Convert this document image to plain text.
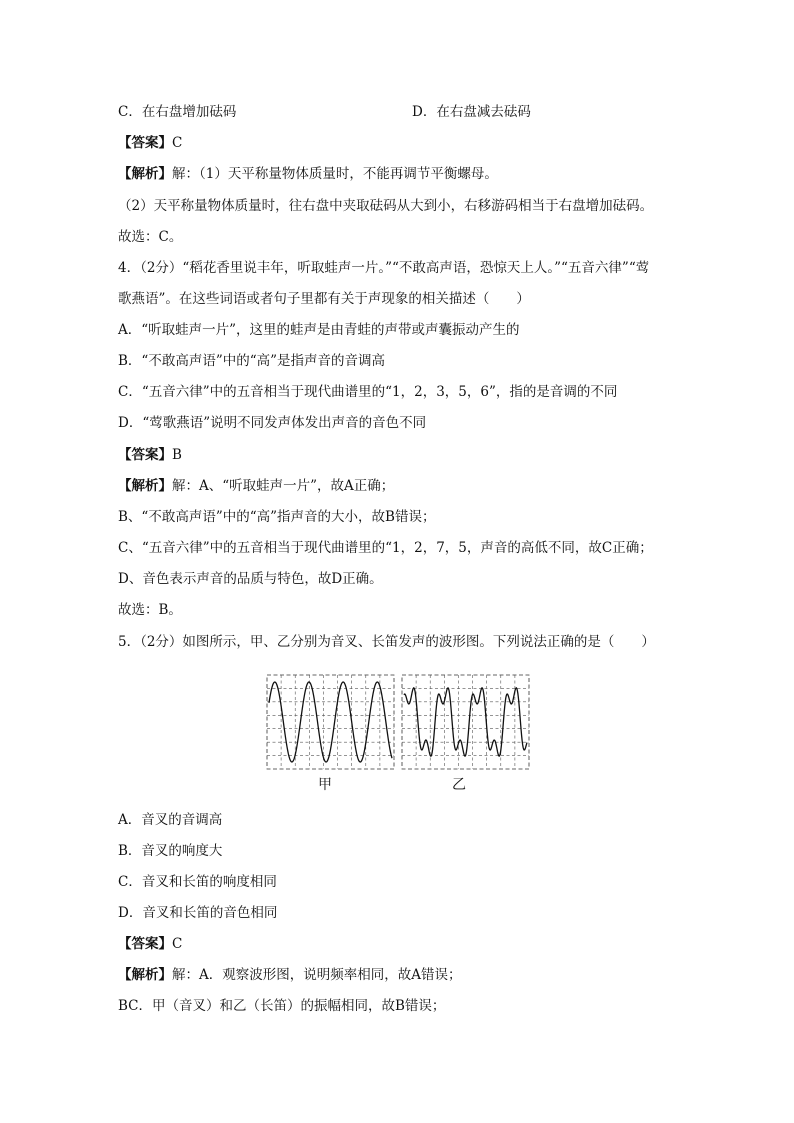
C．在右盘增加砝码	D．在右盘减去砝码
【答案】C
【解析】解：（1）天平称量物体质量时，不能再调节平衡螺母。
（2）天平称量物体质量时，往右盘中夹取砝码从大到小，右移游码相当于右盘增加砝码。
故选：C。
4．（2分）“稻花香里说丰年，听取蛙声一片。”“不敢高声语，恐惊天上人。”“五音六律”“莺
歌燕语”。在这些词语或者句子里都有关于声现象的相关描述（　　）
A．“听取蛙声一片”，这里的蛙声是由青蛙的声带或声囊振动产生的
B．“不敢高声语”中的“高”是指声音的音调高
C．“五音六律”中的五音相当于现代曲谱里的“1，2，3，5，6”，指的是音调的不同
D．“莺歌燕语”说明不同发声体发出声音的音色不同
【答案】B
【解析】解：A、“听取蛙声一片”，故A正确；
B、“不敢高声语”中的“高”指声音的大小，故B错误；
C、“五音六律”中的五音相当于现代曲谱里的“1，2，7，5，声音的高低不同，故C正确；
D、音色表示声音的品质与特色，故D正确。
故选：B。
5．（2分）如图所示，甲、乙分别为音叉、长笛发声的波形图。下列说法正确的是（　　）
甲	乙
A．音叉的音调高
B．音叉的响度大
C．音叉和长笛的响度相同
D．音叉和长笛的音色相同
【答案】C
【解析】解：A．观察波形图，说明频率相同，故A错误；
BC．甲（音叉）和乙（长笛）的振幅相同，故B错误；
